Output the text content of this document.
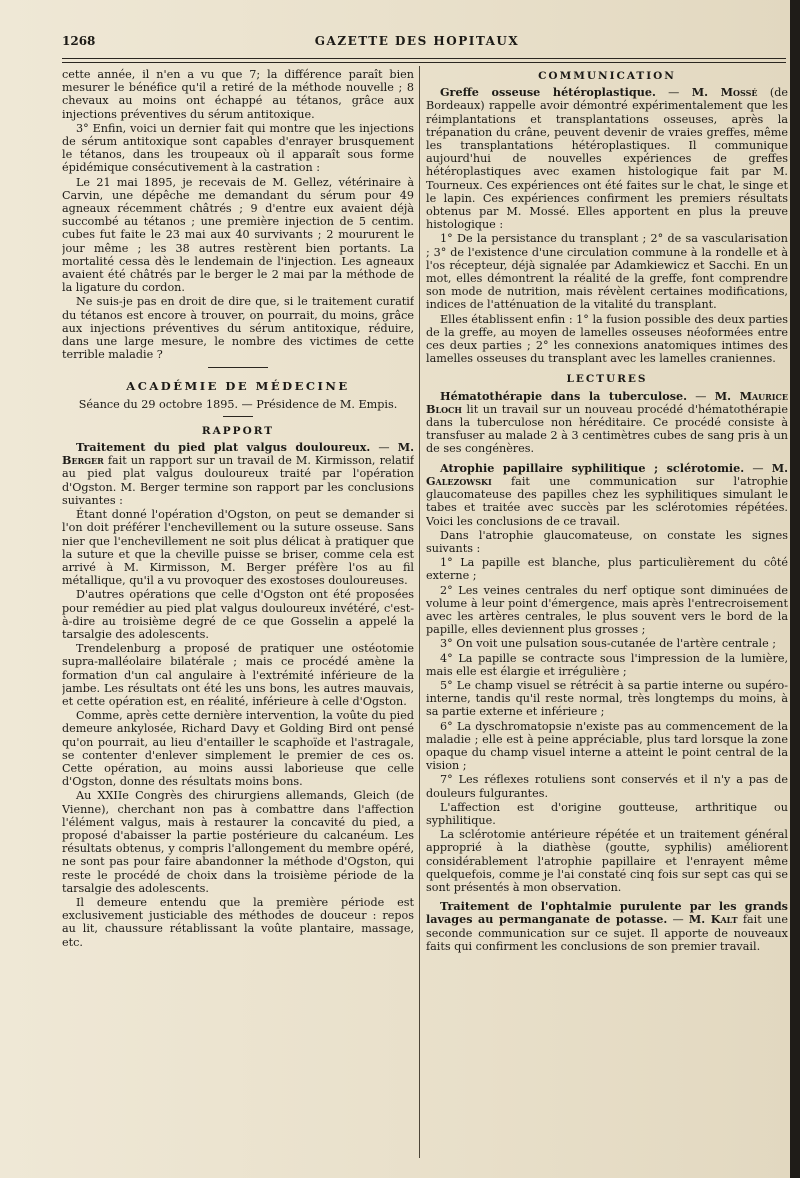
1268	GAZETTE DES HOPITAUX

cette année, il n'en a vu que 7; la différence paraît bien mesurer le bénéfice qu'il a retiré de la méthode nouvelle ; 8 chevaux au moins ont échappé au tétanos, grâce aux injections préventives du sérum antitoxique.

3° Enfin, voici un dernier fait qui montre que les injections de sérum antitoxique sont capables d'enrayer brusquement le tétanos, dans les troupeaux où il apparaît sous forme épidémique consécutivement à la castration :

Le 21 mai 1895, je recevais de M. Gellez, vétérinaire à Carvin, une dépêche me demandant du sérum pour 49 agneaux récemment châtrés ; 9 d'entre eux avaient déjà succombé au tétanos ; une première injection de 5 centim. cubes fut faite le 23 mai aux 40 survivants ; 2 moururent le jour même ; les 38 autres restèrent bien portants. La mortalité cessa dès le lendemain de l'injection. Les agneaux avaient été châtrés par le berger le 2 mai par la méthode de la ligature du cordon.

Ne suis-je pas en droit de dire que, si le traitement curatif du tétanos est encore à trouver, on pourrait, du moins, grâce aux injections préventives du sérum antitoxique, réduire, dans une large mesure, le nombre des victimes de cette terrible maladie ?

ACADÉMIE DE MÉDECINE
Séance du 29 octobre 1895. — Présidence de M. Empis.
RAPPORT

Traitement du pied plat valgus douloureux. — M. Berger fait un rapport sur un travail de M. Kirmisson, relatif au pied plat valgus douloureux traité par l'opération d'Ogston. M. Berger termine son rapport par les conclusions suivantes :

Étant donné l'opération d'Ogston, on peut se demander si l'on doit préférer l'enchevillement ou la suture osseuse. Sans nier que l'enchevillement ne soit plus délicat à pratiquer que la suture et que la cheville puisse se briser, comme cela est arrivé à M. Kirmisson, M. Berger préfère l'os au fil métallique, qu'il a vu provoquer des exostoses douloureuses.

D'autres opérations que celle d'Ogston ont été proposées pour remédier au pied plat valgus douloureux invétéré, c'est-à-dire au troisième degré de ce que Gosselin a appelé la tarsalgie des adolescents.

Trendelenburg a proposé de pratiquer une ostéotomie supra-malléolaire bilatérale ; mais ce procédé amène la formation d'un cal angulaire à l'extrémité inférieure de la jambe. Les résultats ont été les uns bons, les autres mauvais, et cette opération est, en réalité, inférieure à celle d'Ogston.

Comme, après cette dernière intervention, la voûte du pied demeure ankylosée, Richard Davy et Golding Bird ont pensé qu'on pourrait, au lieu d'entailler le scaphoïde et l'astragale, se contenter d'enlever simplement le premier de ces os. Cette opération, au moins aussi laborieuse que celle d'Ogston, donne des résultats moins bons.

Au XXIIe Congrès des chirurgiens allemands, Gleich (de Vienne), cherchant non pas à combattre dans l'affection l'élément valgus, mais à restaurer la concavité du pied, a proposé d'abaisser la partie postérieure du calcanéum. Les résultats obtenus, y compris l'allongement du membre opéré, ne sont pas pour faire abandonner la méthode d'Ogston, qui reste le procédé de choix dans la troisième période de la tarsalgie des adolescents.

Il demeure entendu que la première période est exclusivement justiciable des méthodes de douceur : repos au lit, chaussure rétablissant la voûte plantaire, massage, etc.

COMMUNICATION

Greffe osseuse hétéroplastique. — M. Mossé (de Bordeaux) rappelle avoir démontré expérimentalement que les réimplantations et transplantations osseuses, après la trépanation du crâne, peuvent devenir de vraies greffes, même les transplantations hétéroplastiques. Il communique aujourd'hui de nouvelles expériences de greffes hétéroplastiques avec examen histologique fait par M. Tourneux. Ces expériences ont été faites sur le chat, le singe et le lapin. Ces expériences confirment les premiers résultats obtenus par M. Mossé. Elles apportent en plus la preuve histologique :

1° De la persistance du transplant ; 2° de sa vascularisation ; 3° de l'existence d'une circulation commune à la rondelle et à l'os récepteur, déjà signalée par Adamkiewicz et Sacchi. En un mot, elles démontrent la réalité de la greffe, font comprendre son mode de nutrition, mais révèlent certaines modifications, indices de l'atténuation de la vitalité du transplant.

Elles établissent enfin : 1° la fusion possible des deux parties de la greffe, au moyen de lamelles osseuses néoformées entre ces deux parties ; 2° les connexions anatomiques intimes des lamelles osseuses du transplant avec les lamelles craniennes.

LECTURES

Hématothérapie dans la tuberculose. — M. Maurice Bloch lit un travail sur un nouveau procédé d'hématothérapie dans la tuberculose non héréditaire. Ce procédé consiste à transfuser au malade 2 à 3 centimètres cubes de sang pris à un de ses congénères.

Atrophie papillaire syphilitique ; sclérotomie. — M. Galezowski fait une communication sur l'atrophie glaucomateuse des papilles chez les syphilitiques simulant le tabes et traitée avec succès par les sclérotomies répétées. Voici les conclusions de ce travail.

Dans l'atrophie glaucomateuse, on constate les signes suivants :

1° La papille est blanche, plus particulièrement du côté externe ;

2° Les veines centrales du nerf optique sont diminuées de volume à leur point d'émergence, mais après l'entrecroisement avec les artères centrales, le plus souvent vers le bord de la papille, elles deviennent plus grosses ;

3° On voit une pulsation sous-cutanée de l'artère centrale ;

4° La papille se contracte sous l'impression de la lumière, mais elle est élargie et irrégulière ;

5° Le champ visuel se rétrécit à sa partie interne ou supéro-interne, tandis qu'il reste normal, très longtemps du moins, à sa partie externe et inférieure ;

6° La dyschromatopsie n'existe pas au commencement de la maladie ; elle est à peine appréciable, plus tard lorsque la zone opaque du champ visuel interne a atteint le point central de la vision ;

7° Les réflexes rotuliens sont conservés et il n'y a pas de douleurs fulgurantes.

L'affection est d'origine goutteuse, arthritique ou syphilitique.

La sclérotomie antérieure répétée et un traitement général approprié à la diathèse (goutte, syphilis) améliorent considérablement l'atrophie papillaire et l'enrayent même quelquefois, comme je l'ai constaté cinq fois sur sept cas qui se sont présentés à mon observation.

Traitement de l'ophtalmie purulente par les grands lavages au permanganate de potasse. — M. Kalt fait une seconde communication sur ce sujet. Il apporte de nouveaux faits qui confirment les conclusions de son premier travail.
